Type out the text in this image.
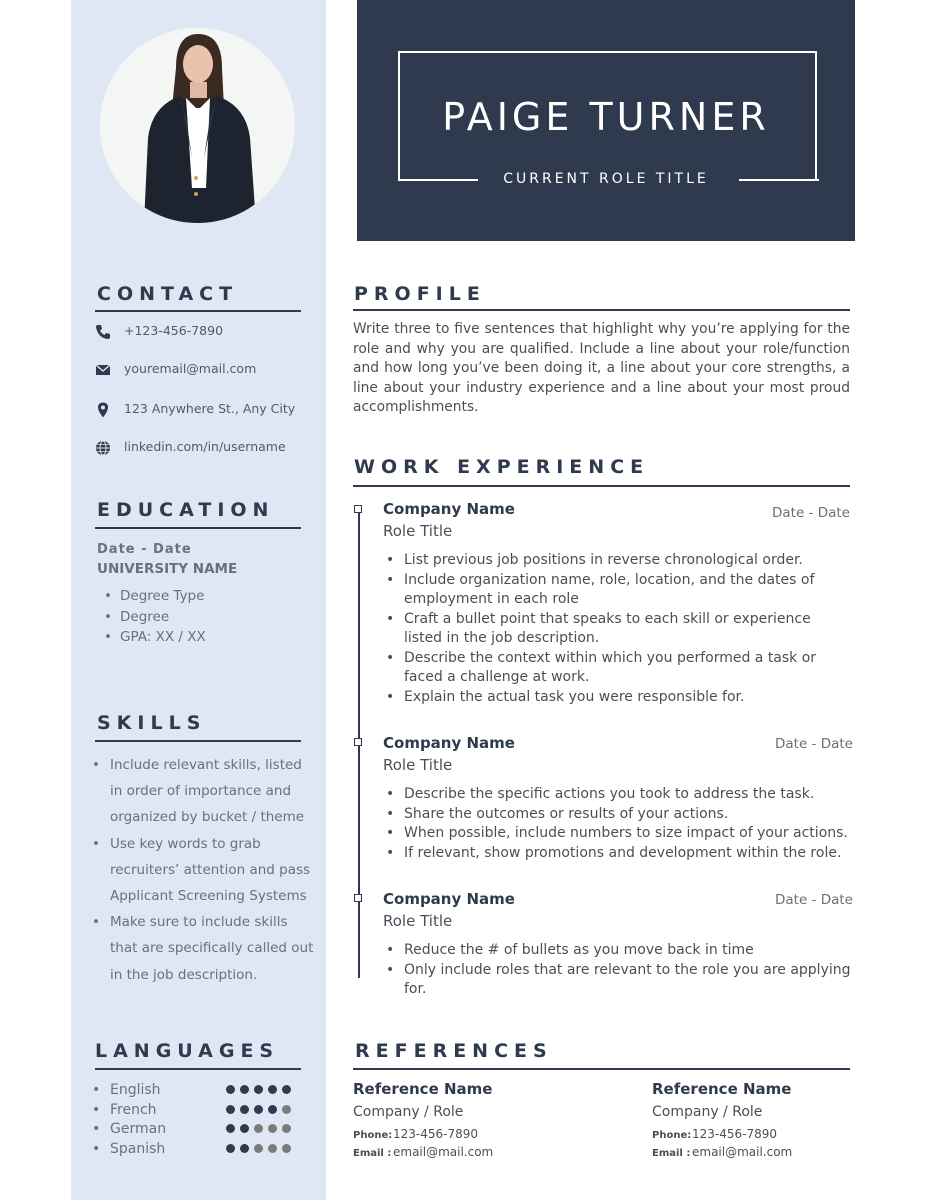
PAIGE TURNER
CURRENT ROLE TITLE
CONTACT
+123-456-7890
youremail@mail.com
123 Anywhere St., Any City
linkedin.com/in/username
EDUCATION
Date - Date
UNIVERSITY NAME
• Degree Type
• Degree
• GPA: XX / XX
SKILLS
• Include relevant skills, listed in order of importance and organized by bucket / theme
• Use key words to grab recruiters’ attention and pass Applicant Screening Systems
• Make sure to include skills that are specifically called out in the job description.
LANGUAGES
• English
• French
• German
• Spanish
PROFILE
Write three to five sentences that highlight why you’re applying for the role and why you are qualified. Include a line about your role/function and how long you’ve been doing it, a line about your core strengths, a line about your industry experience and a line about your most proud accomplishments.
WORK EXPERIENCE
Company Name
Role Title
Date - Date
• List previous job positions in reverse chronological order.
• Include organization name, role, location, and the dates of employment in each role
• Craft a bullet point that speaks to each skill or experience listed in the job description.
• Describe the context within which you performed a task or faced a challenge at work.
• Explain the actual task you were responsible for.
Company Name
Role Title
Date - Date
• Describe the specific actions you took to address the task.
• Share the outcomes or results of your actions.
• When possible, include numbers to size impact of your actions.
• If relevant, show promotions and development within the role.
Company Name
Role Title
Date - Date
• Reduce the # of bullets as you move back in time
• Only include roles that are relevant to the role you are applying for.
REFERENCES
Reference Name
Company / Role
Phone:123-456-7890
Email : email@mail.com
Reference Name
Company / Role
Phone:123-456-7890
Email : email@mail.com
